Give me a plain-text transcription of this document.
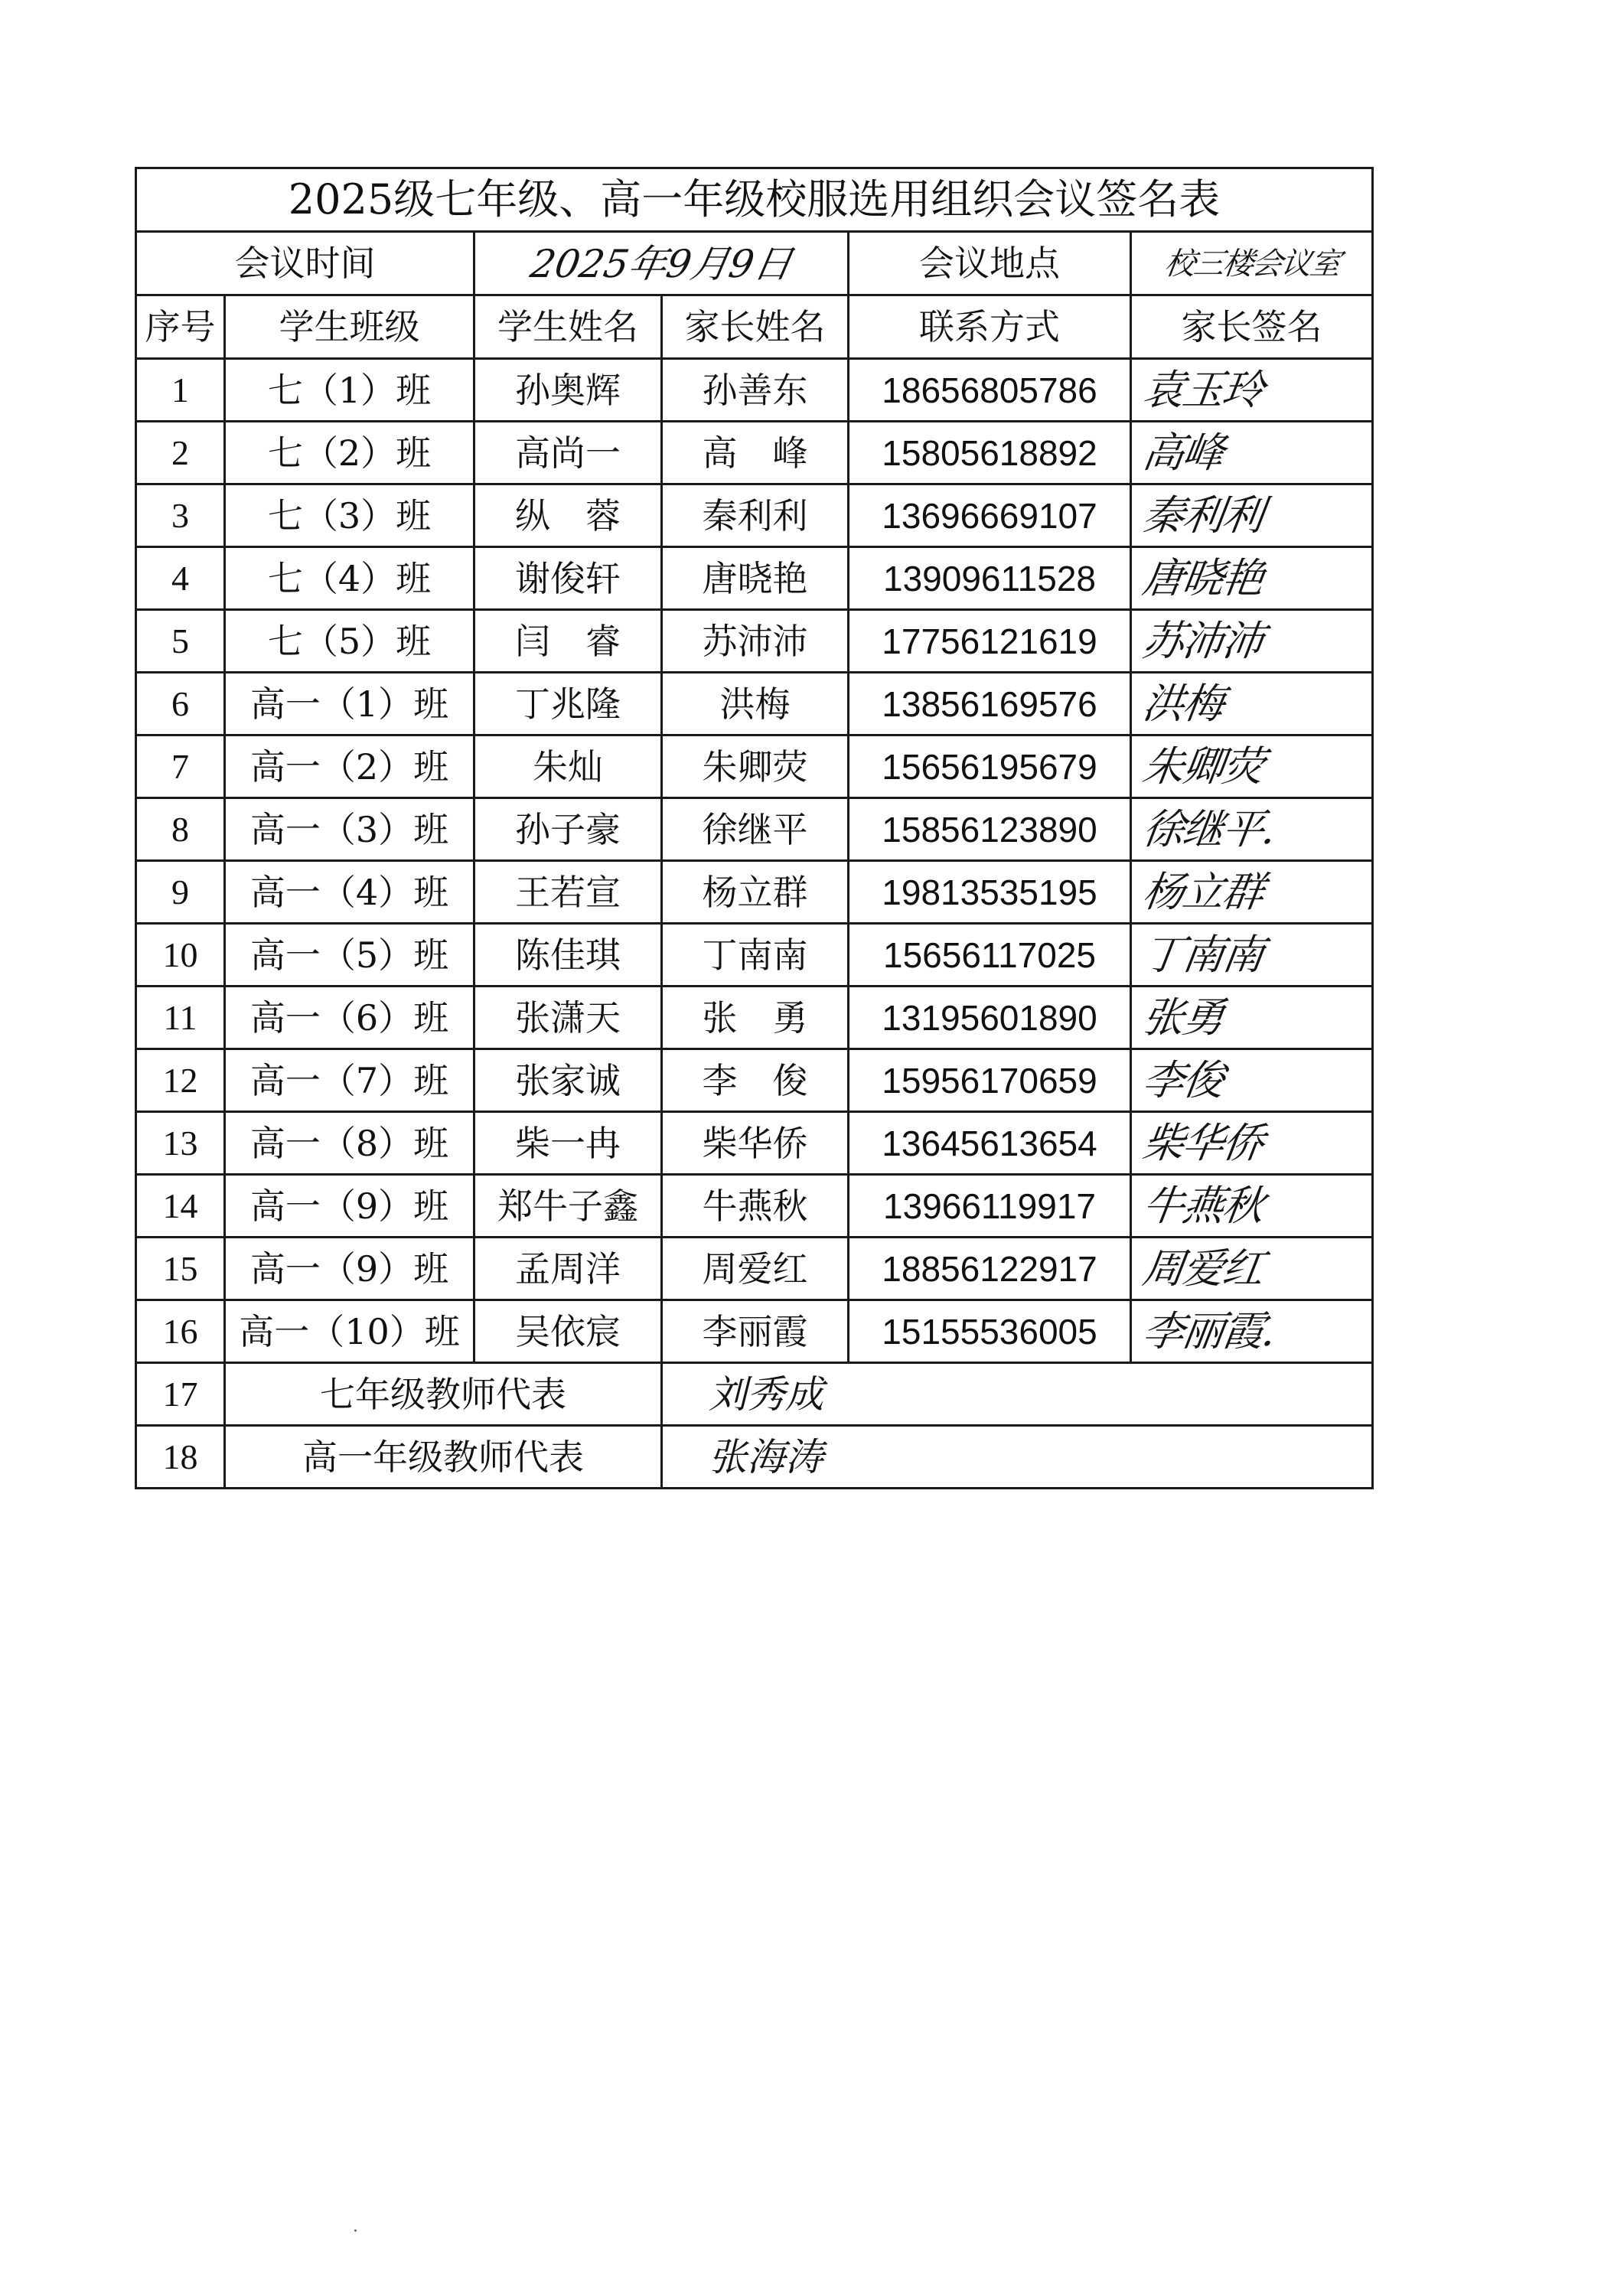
2025级七年级、高一年级校服选用组织会议签名表					
会议时间		2025年9月9日		会议地点	校三楼会议室
序号	学生班级	学生姓名	家长姓名	联系方式	家长签名
1	七（1）班	孙奥辉	孙善东	18656805786	袁玉玲
2	七（2）班	高尚一	高　峰	15805618892	高峰
3	七（3）班	纵　蓉	秦利利	13696669107	秦利利
4	七（4）班	谢俊轩	唐晓艳	13909611528	唐晓艳
5	七（5）班	闫　睿	苏沛沛	17756121619	苏沛沛
6	高一（1）班	丁兆隆	洪梅	13856169576	洪梅
7	高一（2）班	朱灿	朱卿荧	15656195679	朱卿荧
8	高一（3）班	孙子豪	徐继平	15856123890	徐继平.
9	高一（4）班	王若宣	杨立群	19813535195	杨立群
10	高一（5）班	陈佳琪	丁南南	15656117025	丁南南
11	高一（6）班	张潇天	张　勇	13195601890	张勇
12	高一（7）班	张家诚	李　俊	15956170659	李俊
13	高一（8）班	柴一冉	柴华侨	13645613654	柴华侨
14	高一（9）班	郑牛子鑫	牛燕秋	13966119917	牛燕秋
15	高一（9）班	孟周洋	周爱红	18856122917	周爱红
16	高一（10）班	吴依宸	李丽霞	15155536005	李丽霞.
17	七年级教师代表		刘秀成		
18	高一年级教师代表		张海涛		
